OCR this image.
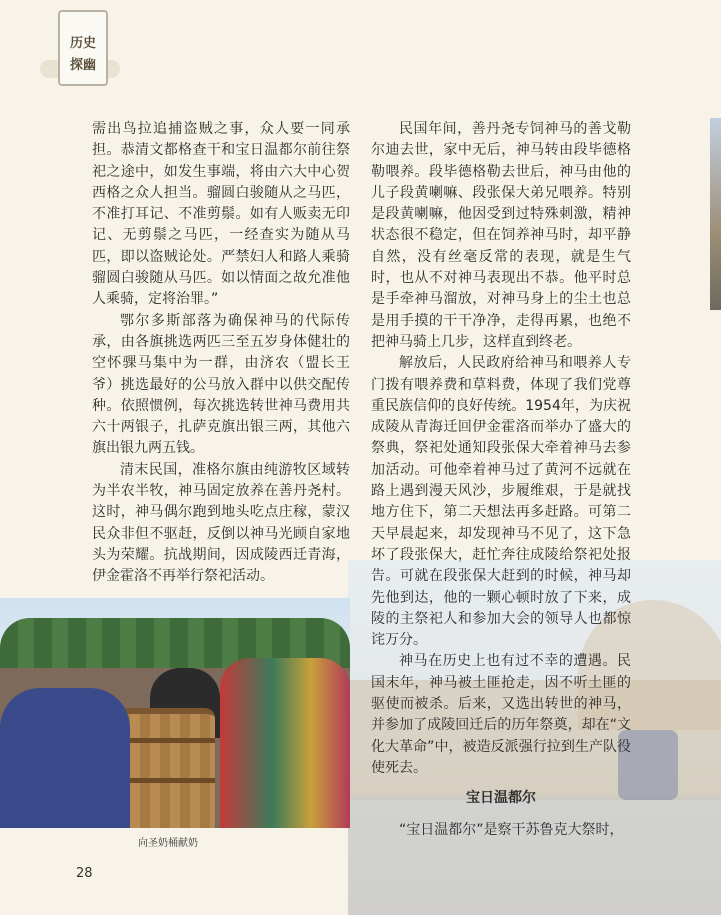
历史
探幽

需出鸟拉追捕盗贼之事，众人要一同承担。恭清文都格查干和宝日温都尔前往祭祀之途中，如发生事端，将由六大中心贺西格之众人担当。骝圆白骏随从之马匹，不准打耳记、不准剪鬃。如有人贩卖无印记、无剪鬃之马匹，一经查实为随从马匹，即以盗贼论处。严禁妇人和路人乘骑骝圆白骏随从马匹。如以情面之故允准他人乘骑，定将治罪。”

鄂尔多斯部落为确保神马的代际传承，由各旗挑选两匹三至五岁身体健壮的空怀骒马集中为一群，由济农（盟长王爷）挑选最好的公马放入群中以供交配传种。依照惯例，每次挑选转世神马费用共六十两银子，扎萨克旗出银三两，其他六旗出银九两五钱。

清末民国，准格尔旗由纯游牧区域转为半农半牧，神马固定放养在善丹尧村。这时，神马偶尔跑到地头吃点庄稼，蒙汉民众非但不驱赶，反倒以神马光顾自家地头为荣耀。抗战期间，因成陵西迁青海，伊金霍洛不再举行祭祀活动。

民国年间，善丹尧专饲神马的善戈勒尔迪去世，家中无后，神马转由段毕德格勒喂养。段毕德格勒去世后，神马由他的儿子段黄喇嘛、段张保大弟兄喂养。特别是段黄喇嘛，他因受到过特殊刺激，精神状态很不稳定，但在饲养神马时，却平静自然，没有丝毫反常的表现，就是生气时，也从不对神马表现出不恭。他平时总是手牵神马溜放，对神马身上的尘土也总是用手摸的干干净净，走得再累，也绝不把神马骑上几步，这样直到终老。

解放后，人民政府给神马和喂养人专门拨有喂养费和草料费，体现了我们党尊重民族信仰的良好传统。1954年，为庆祝成陵从青海迁回伊金霍洛而举办了盛大的祭典，祭祀处通知段张保大牵着神马去参加活动。可他牵着神马过了黄河不远就在路上遇到漫天风沙，步履维艰，于是就找地方住下，第二天想法再多赶路。可第二天早晨起来，却发现神马不见了，这下急坏了段张保大，赶忙奔往成陵给祭祀处报告。可就在段张保大赶到的时候，神马却先他到达，他的一颗心顿时放了下来，成陵的主祭祀人和参加大会的领导人也都惊诧万分。

神马在历史上也有过不幸的遭遇。民国末年，神马被土匪抢走，因不听土匪的驱使而被杀。后来，又选出转世的神马，并参加了成陵回迁后的历年祭奠，却在“文化大革命”中，被造反派强行拉到生产队役使死去。

宝日温都尔

“宝日温都尔”是察干苏鲁克大祭时，

向圣奶桶献奶
28
